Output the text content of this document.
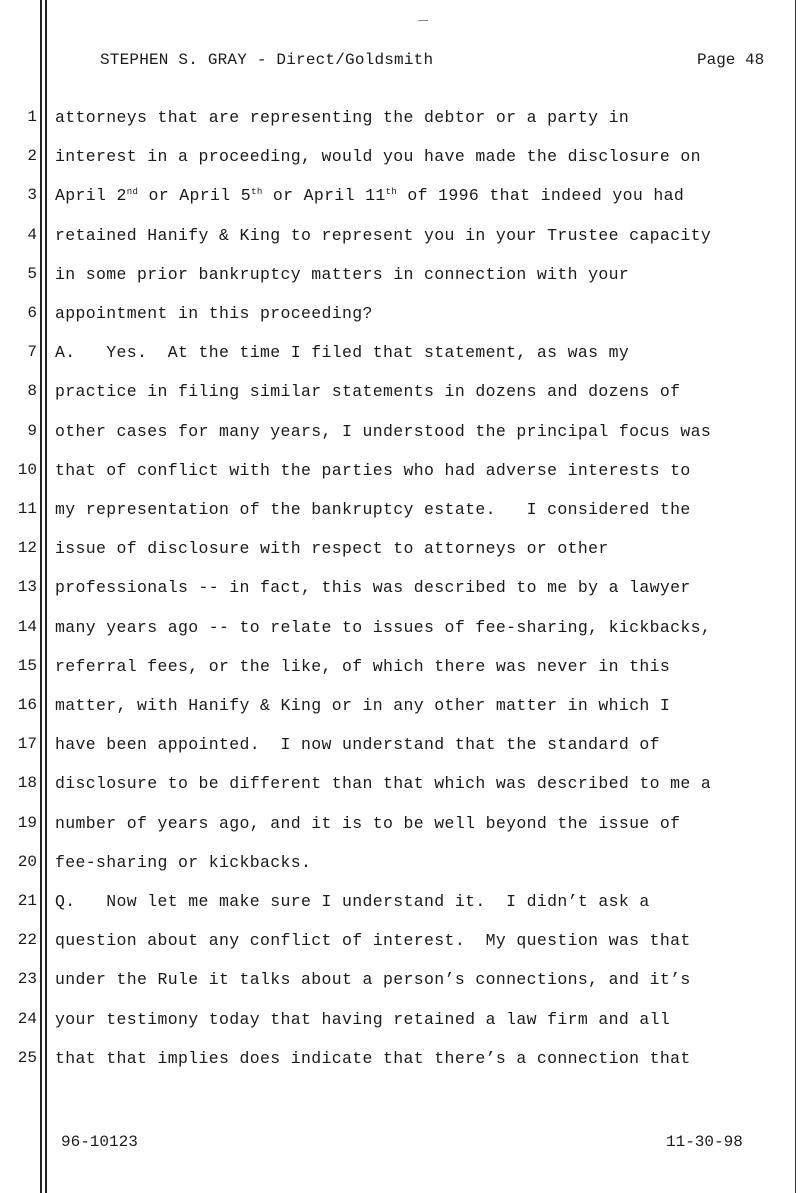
STEPHEN S. GRAY - Direct/Goldsmith	Page 48
1 attorneys that are representing the debtor or a party in
2 interest in a proceeding, would you have made the disclosure on
3 April 2nd or April 5th or April 11th of 1996 that indeed you had
4 retained Hanify & King to represent you in your Trustee capacity
5 in some prior bankruptcy matters in connection with your
6 appointment in this proceeding?
7 A.   Yes.  At the time I filed that statement, as was my
8 practice in filing similar statements in dozens and dozens of
9 other cases for many years, I understood the principal focus was
10 that of conflict with the parties who had adverse interests to
11 my representation of the bankruptcy estate.   I considered the
12 issue of disclosure with respect to attorneys or other
13 professionals -- in fact, this was described to me by a lawyer
14 many years ago -- to relate to issues of fee-sharing, kickbacks,
15 referral fees, or the like, of which there was never in this
16 matter, with Hanify & King or in any other matter in which I
17 have been appointed.  I now understand that the standard of
18 disclosure to be different than that which was described to me a
19 number of years ago, and it is to be well beyond the issue of
20 fee-sharing or kickbacks.
21 Q.   Now let me make sure I understand it.  I didn’t ask a
22 question about any conflict of interest.  My question was that
23 under the Rule it talks about a person’s connections, and it’s
24 your testimony today that having retained a law firm and all
25 that that implies does indicate that there’s a connection that
96-10123	11-30-98
